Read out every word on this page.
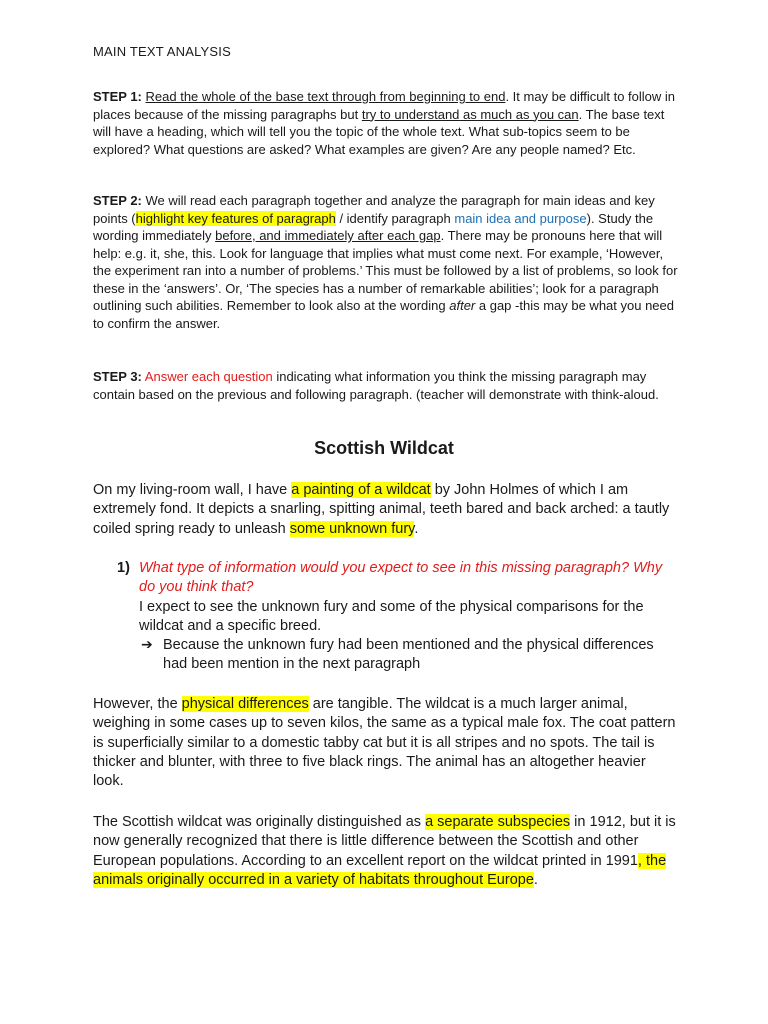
MAIN TEXT ANALYSIS
STEP 1: Read the whole of the base text through from beginning to end. It may be difficult to follow in places because of the missing paragraphs but try to understand as much as you can. The base text will have a heading, which will tell you the topic of the whole text. What sub-topics seem to be explored? What questions are asked? What examples are given? Are any people named? Etc.
STEP 2: We will read each paragraph together and analyze the paragraph for main ideas and key points (highlight key features of paragraph / identify paragraph main idea and purpose). Study the wording immediately before, and immediately after each gap. There may be pronouns here that will help: e.g. it, she, this. Look for language that implies what must come next. For example, ‘However, the experiment ran into a number of problems.’ This must be followed by a list of problems, so look for these in the ‘answers’. Or, ‘The species has a number of remarkable abilities’; look for a paragraph outlining such abilities. Remember to look also at the wording after a gap -this may be what you need to confirm the answer.
STEP 3: Answer each question indicating what information you think the missing paragraph may contain based on the previous and following paragraph. (teacher will demonstrate with think-aloud.
Scottish Wildcat
On my living-room wall, I have a painting of a wildcat by John Holmes of which I am extremely fond. It depicts a snarling, spitting animal, teeth bared and back arched: a tautly coiled spring ready to unleash some unknown fury.
1) What type of information would you expect to see in this missing paragraph? Why do you think that?
I expect to see the unknown fury and some of the physical comparisons for the wildcat and a specific breed.
➔ Because the unknown fury had been mentioned and the physical differences had been mention in the next paragraph
However, the physical differences are tangible. The wildcat is a much larger animal, weighing in some cases up to seven kilos, the same as a typical male fox. The coat pattern is superficially similar to a domestic tabby cat but it is all stripes and no spots. The tail is thicker and blunter, with three to five black rings. The animal has an altogether heavier look.
The Scottish wildcat was originally distinguished as a separate subspecies in 1912, but it is now generally recognized that there is little difference between the Scottish and other European populations. According to an excellent report on the wildcat printed in 1991, the animals originally occurred in a variety of habitats throughout Europe.
